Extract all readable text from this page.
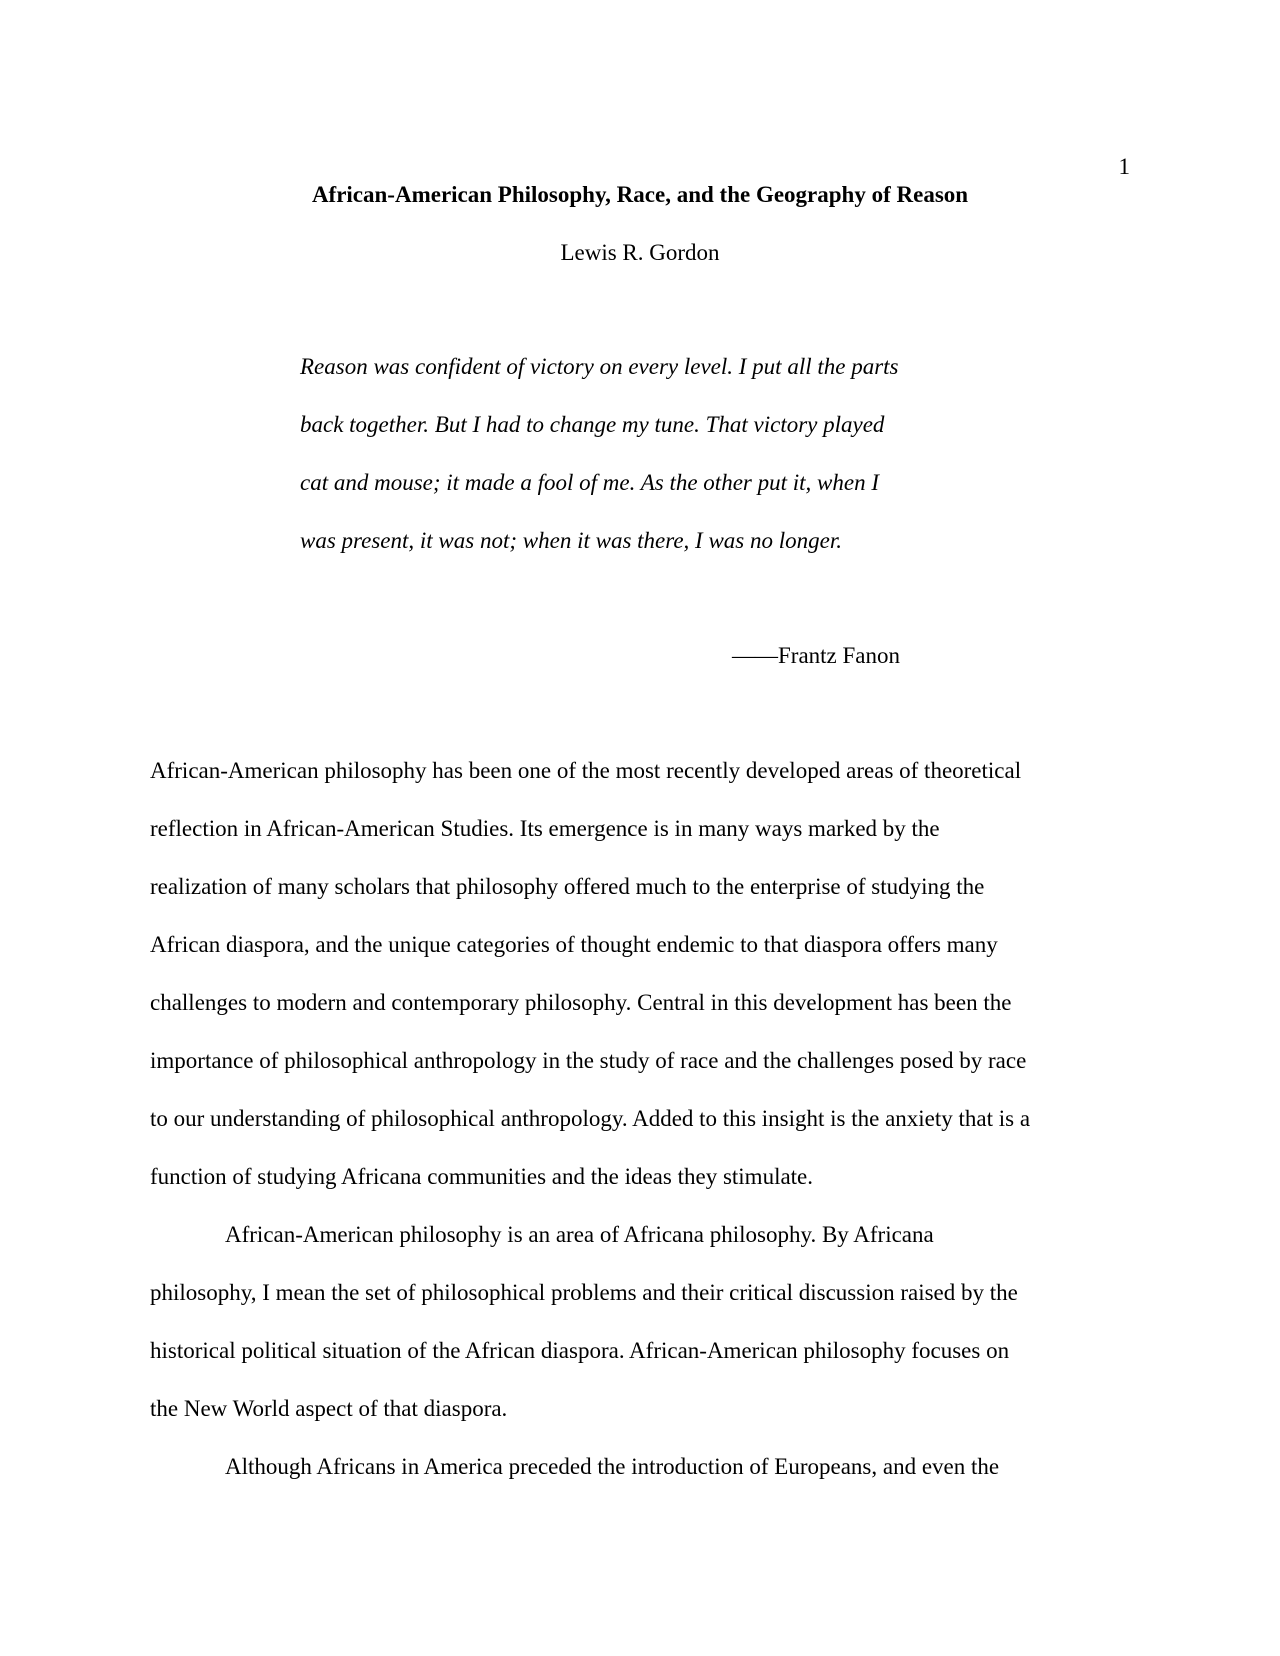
1
African-American Philosophy, Race, and the Geography of Reason
Lewis R. Gordon
Reason was confident of victory on every level. I put all the parts
back together. But I had to change my tune. That victory played
cat and mouse; it made a fool of me. As the other put it, when I
was present, it was not; when it was there, I was no longer.
——Frantz Fanon
African-American philosophy has been one of the most recently developed areas of theoretical
reflection in African-American Studies. Its emergence is in many ways marked by the
realization of many scholars that philosophy offered much to the enterprise of studying the
African diaspora, and the unique categories of thought endemic to that diaspora offers many
challenges to modern and contemporary philosophy. Central in this development has been the
importance of philosophical anthropology in the study of race and the challenges posed by race
to our understanding of philosophical anthropology. Added to this insight is the anxiety that is a
function of studying Africana communities and the ideas they stimulate.
African-American philosophy is an area of Africana philosophy. By Africana
philosophy, I mean the set of philosophical problems and their critical discussion raised by the
historical political situation of the African diaspora. African-American philosophy focuses on
the New World aspect of that diaspora.
Although Africans in America preceded the introduction of Europeans, and even the
